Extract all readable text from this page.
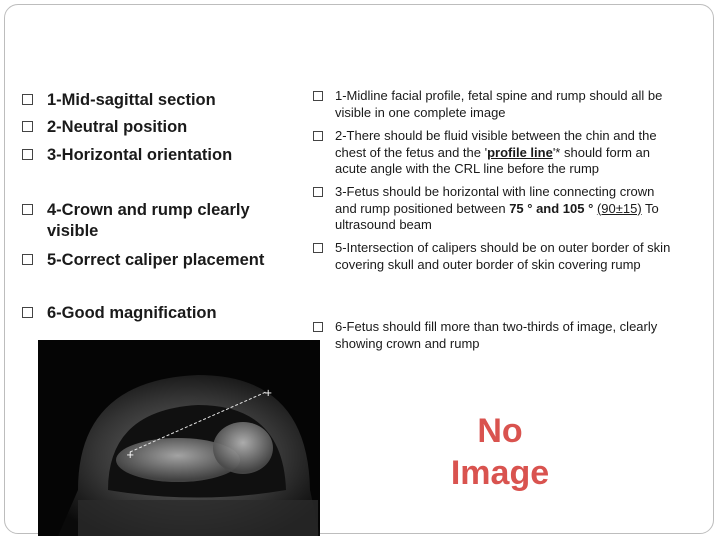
1-Mid-sagittal section
2-Neutral position
3-Horizontal orientation
4-Crown and rump clearly visible
5-Correct caliper placement
6-Good magnification
1-Midline facial profile, fetal spine and rump should all be visible in one complete image
2-There should be fluid visible between the chin and the chest of the fetus and the 'profile line'* should form an acute angle with the CRL line before the rump
3-Fetus should be horizontal with line connecting crown and rump positioned between 75 ° and 105 ° (90±15) To ultrasound beam
5-Intersection of calipers should be on outer border of skin covering skull and outer border of skin covering rump
6-Fetus should fill more than two-thirds of image, clearly showing crown and rump
+
+
No
Image
